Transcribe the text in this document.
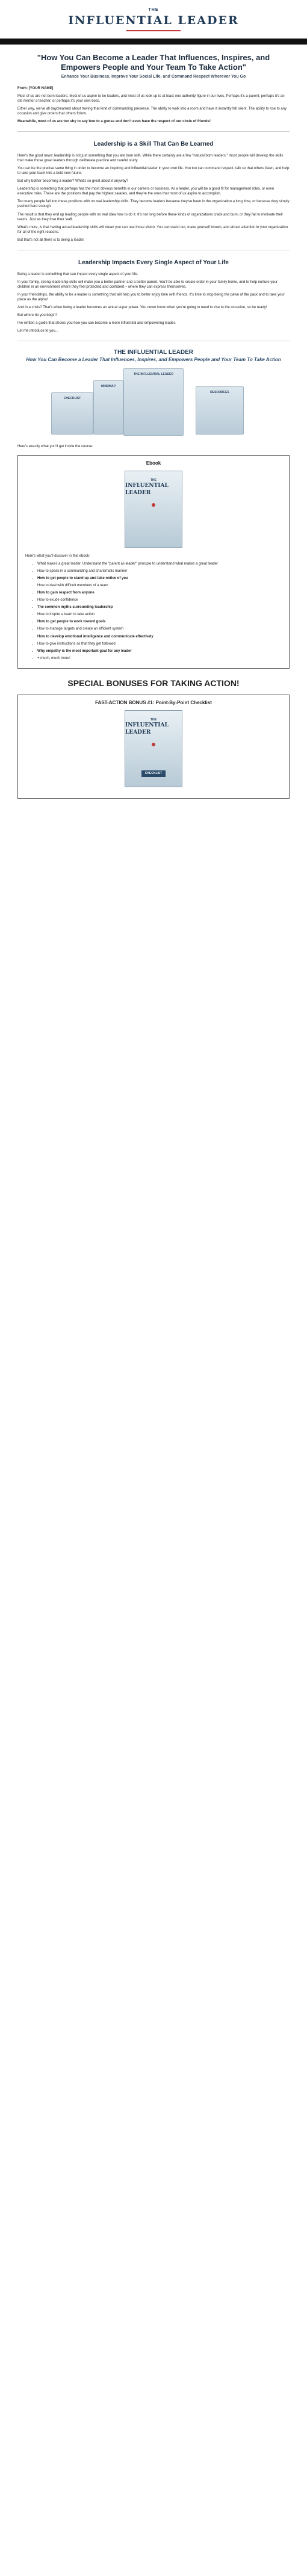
THE
INFLUENTIAL LEADER
"How You Can Become a Leader That Influences, Inspires, and Empowers People and Your Team To Take Action"
Enhance Your Business, Improve Your Social Life, and Command Respect Wherever You Go

From: [YOUR NAME]

Most of us are not born leaders. Most of us aspire to be leaders, and most of us look up to at least one authority figure in our lives. Perhaps it's a parent; perhaps it's an old mentor a teacher, or perhaps it's your own boss.

Either way, we've all daydreamed about having that kind of commanding presence. The ability to walk into a room and have it instantly fall silent. The ability to rise to any occasion and give orders that others follow.

Meanwhile, most of us are too shy to say boo to a goose and don't even have the respect of our circle of friends!

Leadership is a Skill That Can Be Learned

Here's the good news: leadership is not just something that you are born with. While there certainly are a few "natural born leaders," most people will develop the skills that make those great leaders through deliberate practice and careful study.

You can be the precise same thing in order to become an inspiring and influential leader in your own life. You too can command respect, talk so that others listen, and help to take your team into a bold new future.

But why bother becoming a leader? What's so great about it anyway?

Leadership is something that perhaps has the most obvious benefits in our careers or business. As a leader, you will be a good fit for management roles, or even executive roles. These are the positions that pay the highest salaries, and they're the ones that most of us aspire to accomplish.

Too many people fall into these positions with no real leadership skills. They become leaders because they've been in the organization a long time, or because they simply pushed hard enough.

The result is that they end up leading people with no real idea how to do it. It's not long before these kinds of organizations crack and burn, or they fail to motivate their teams. Just as they lose their staff.

What's more, is that having actual leadership skills will mean you can use those vision. You can stand out, make yourself known, and attract attention in your organization for all of the right reasons.

But that's not all there is to being a leader.

Leadership Impacts Every Single Aspect of Your Life

Being a leader is something that can impact every single aspect of your life.

In your family, strong leadership skills will make you a better partner and a better parent. You'll be able to create order in your family home, and to help nurture your children in an environment where they feel protected and confident – where they can express themselves.

In your friendships, the ability to be a leader is something that will help you to better enjoy time with friends. It's time to stop being the pawn of the pack and to take your place as the alpha!

And in a crisis? That's when being a leader becomes an actual super power. You never know when you're going to need to rise to the occasion, so be ready!

But where do you begin?

I've written a guide that shows you how you can become a more influential and empowering leader.

Let me introduce to you...

THE INFLUENTIAL LEADER
How You Can Become a Leader That Influences, Inspires, and Empowers People and Your Team To Take Action
CHECKLIST
THE INFLUENTIAL LEADER
RESOURCES
MINDMAP

Here's exactly what you'll get inside the course:

Ebook
THE
INFLUENTIAL LEADER

Here's what you'll discover in this ebook:

• What makes a great leader. Understand the "parent as leader" principle to understand what makes a great leader
• How to speak in a commanding and charismatic manner
• How to get people to stand up and take notice of you
• How to deal with difficult members of a team
• How to gain respect from anyone
• How to exude confidence
• The common myths surrounding leadership
• How to inspire a team to take action
• How to get people to work toward goals
• How to manage targets and create an efficient system
• How to develop emotional intelligence and communicate effectively
• How to give instructions so that they get followed
• Why empathy is the most important goal for any leader
• + much, much more!
SPECIAL BONUSES FOR TAKING ACTION!
FAST-ACTION BONUS #1: Point-By-Point Checklist
THE
INFLUENTIAL LEADER
CHECKLIST
